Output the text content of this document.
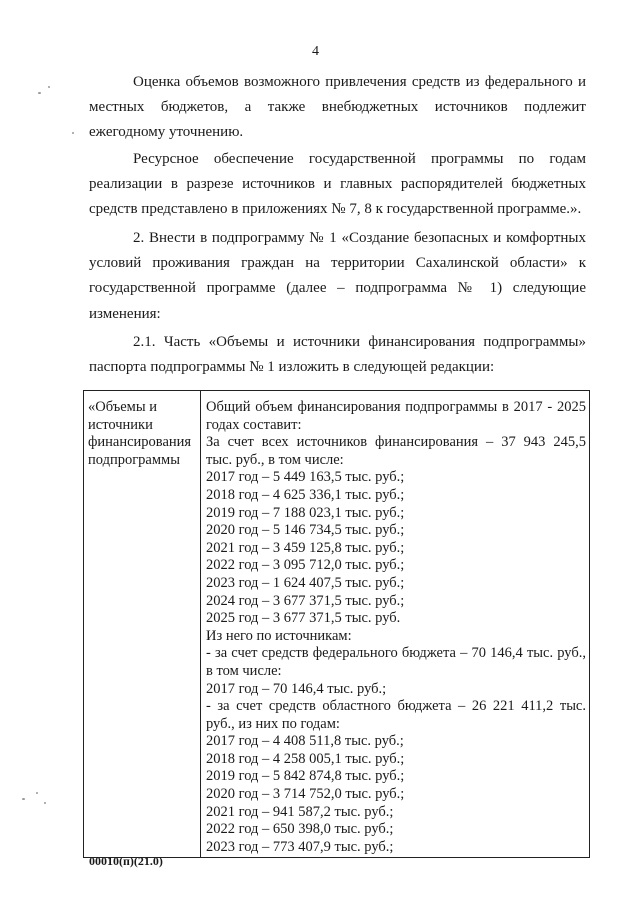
4

Оценка объемов возможного привлечения средств из федерального и местных бюджетов, а также внебюджетных источников подлежит ежегодному уточнению.

Ресурсное обеспечение государственной программы по годам реализации в разрезе источников и главных распорядителей бюджетных средств представлено в приложениях № 7, 8 к государственной программе.».

2. Внести в подпрограмму № 1 «Создание безопасных и комфортных условий проживания граждан на территории Сахалинской области» к государственной программе (далее – подпрограмма № 1) следующие изменения:

2.1. Часть «Объемы и источники финансирования подпрограммы» паспорта подпрограммы № 1 изложить в следующей редакции:

«Объемы и
источники
финансирования
подпрограммы
Общий объем финансирования подпрограммы в 2017 - 2025
годах составит:
За счет всех источников финансирования – 37 943 245,5
тыс. руб., в том числе:
2017 год – 5 449 163,5 тыс. руб.;
2018 год – 4 625 336,1 тыс. руб.;
2019 год – 7 188 023,1 тыс. руб.;
2020 год – 5 146 734,5 тыс. руб.;
2021 год – 3 459 125,8 тыс. руб.;
2022 год – 3 095 712,0 тыс. руб.;
2023 год – 1 624 407,5 тыс. руб.;
2024 год – 3 677 371,5 тыс. руб.;
2025 год – 3 677 371,5 тыс. руб.
Из него по источникам:
- за счет средств федерального бюджета – 70 146,4 тыс. руб.,
в том числе:
2017 год – 70 146,4 тыс. руб.;
- за счет средств областного бюджета – 26 221 411,2 тыс.
руб., из них по годам:
2017 год – 4 408 511,8 тыс. руб.;
2018 год – 4 258 005,1 тыс. руб.;
2019 год – 5 842 874,8 тыс. руб.;
2020 год – 3 714 752,0 тыс. руб.;
2021 год – 941 587,2 тыс. руб.;
2022 год – 650 398,0 тыс. руб.;
2023 год – 773 407,9 тыс. руб.;
00010(п)(21.0)
